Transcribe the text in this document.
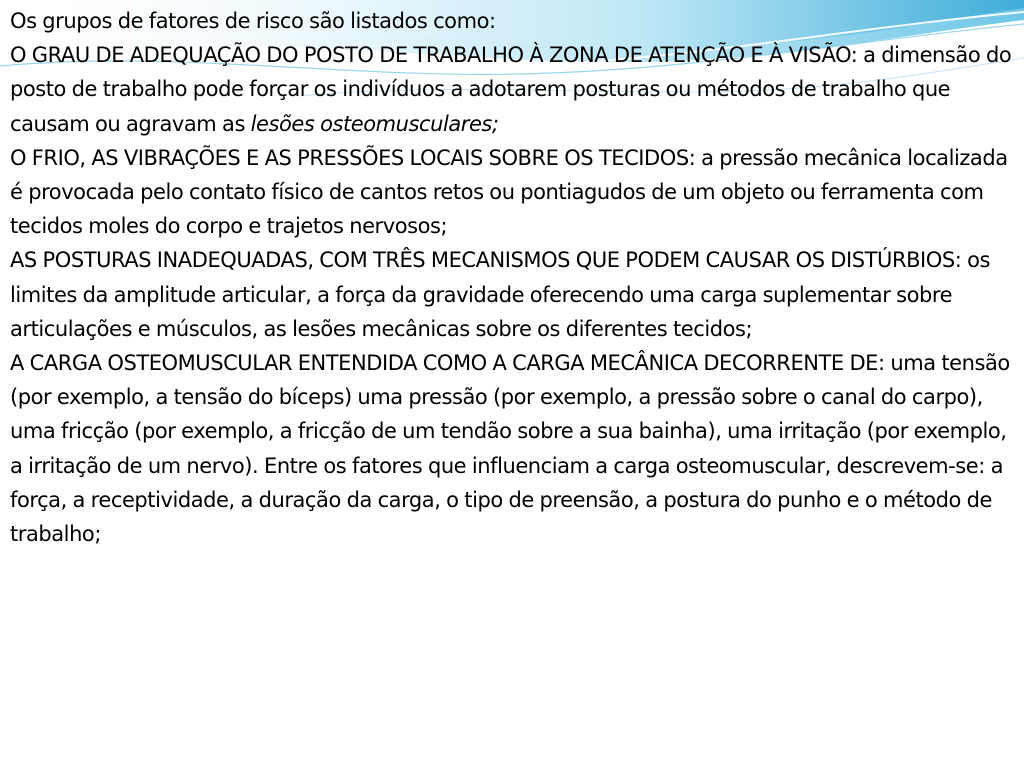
Os grupos de fatores de risco são listados como:

O GRAU DE ADEQUAÇÃO DO POSTO DE TRABALHO À ZONA DE ATENÇÃO E À VISÃO: a dimensão do posto de trabalho pode forçar os indivíduos a adotarem posturas ou métodos de trabalho que causam ou agravam as lesões osteomusculares;

O FRIO, AS VIBRAÇÕES E AS PRESSÕES LOCAIS SOBRE OS TECIDOS: a pressão mecânica localizada é provocada pelo contato físico de cantos retos ou pontiagudos de um objeto ou ferramenta com tecidos moles do corpo e trajetos nervosos;

AS POSTURAS INADEQUADAS, COM TRÊS MECANISMOS QUE PODEM CAUSAR OS DISTÚRBIOS: os limites da amplitude articular, a força da gravidade oferecendo uma carga suplementar sobre articulações e músculos, as lesões mecânicas sobre os diferentes tecidos;

A CARGA OSTEOMUSCULAR ENTENDIDA COMO A CARGA MECÂNICA DECORRENTE DE: uma tensão (por exemplo, a tensão do bíceps) uma pressão (por exemplo, a pressão sobre o canal do carpo), uma fricção (por exemplo, a fricção de um tendão sobre a sua bainha), uma irritação (por exemplo, a irritação de um nervo). Entre os fatores que influenciam a carga osteomuscular, descrevem-se: a força, a receptividade, a duração da carga, o tipo de preensão, a postura do punho e o método de trabalho;
